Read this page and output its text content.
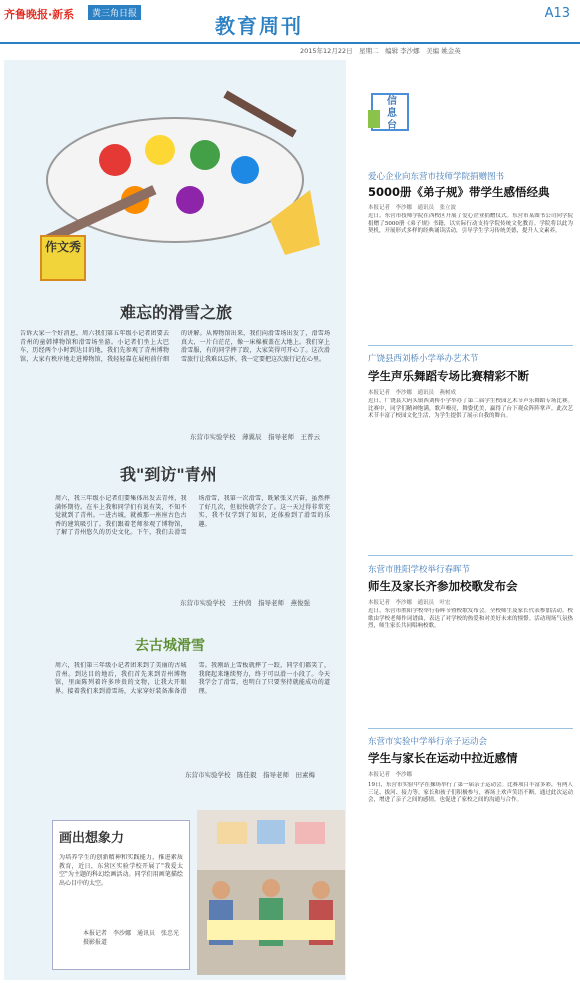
齐鲁晚报·新系	黄三角日报	教育周刊
A13
2015年12月22日　星期二　编辑 李沙娜　美编 姚金英
作文秀
难忘的滑雪之旅
告诉大家一个好消息，周六我们第五年级小记者团要去青州的童韩博物馆和滑雪场坐游。小记者们坐上大巴车，历经两个小时到达目的地，我们先参观了青州博物馆，大家有秩序地走进博物馆，我轻轻靠在展柜前仔细的讲解。从博物馆出来，我们向滑雪场出发了，滑雪场真大，一片白茫茫，像一床棉被盖在大地上。我们穿上滑雪服，有的同学摔了跤，大家笑得可开心了。这次滑雪旅行让我难以忘怀，我一定要把这次旅行记在心里。
东营市实验学校　薄翼辰　指导老师　王普云
我"到访"青州
周六，我三年级小记者们要集体出发去青州，我满怀期待。在车上我和同学们有说有笑，不知不觉就到了青州。一进古城，就被那一座座古色古香的建筑吸引了。我们跟着老师参观了博物馆，了解了青州悠久的历史文化。下午，我们去滑雪场滑雪，我第一次滑雪，既紧张又兴奋，虽然摔了好几次，但很快就学会了。这一天过得非常充实，我不仅学到了知识，还体验到了滑雪的乐趣。
东营市实验学校　王仲茵　指导老师　燕俊强
去古城滑雪
周六，我们第三年级小记者团来到了美丽的古城青州。到达目的地后，我们首先来到青州博物馆，里面陈列着许多珍贵的文物，让我大开眼界。接着我们来到滑雪场，大家穿好装备准备滑雪。我刚站上雪板就摔了一跤，同学们都笑了，我爬起来继续努力，终于可以滑一小段了。今天我学会了滑雪，也明白了只要坚持就能成功的道理。
东营市实验学校　陈佳毅　指导老师　田素梅
画出想象力
为培养学生的创新精神和实践能力，推进素质教育，近日，东营区实验学校开展了"我爱太空"为主题的科幻绘画活动。同学们用画笔描绘出心目中的太空。
本报记者　李沙娜　通讯员　张忠光　摄影报道
信息台
爱心企业向东营市技师学院捐赠图书
5000册《弟子规》带学生感悟经典
本报记者　李沙娜　通讯员　张立波
近日，东营市技师学院在西校区开展了爱心企业捐赠仪式。东营市某图书公司向学院捐赠了5000册《弟子规》书籍，以实际行动支持学院传统文化教育。学院将以此为契机，开展形式多样的经典诵读活动，引导学生学习传统美德，提升人文素养。
广饶县西刘桥小学举办艺术节
学生声乐舞蹈专场比赛精彩不断
本报记者　李沙娜　通讯员　燕树成
近日，广饶县大码头镇西刘桥小学举办了第二届学生校园艺术节声乐舞蹈专场比赛。比赛中，同学们精神饱满，歌声嘹亮，舞姿优美，赢得了台下观众阵阵掌声。此次艺术节丰富了校园文化生活，为学生提供了展示自我的舞台。
东营市胜阳学校举行春晖节
师生及家长齐参加校歌发布会
本报记者　李沙娜　通讯员　叶宏
近日，东营市胜阳学校举行春晖节暨校歌发布会。全校师生及家长代表参加活动。校歌由学校老师作词谱曲，表达了对学校的热爱和对美好未来的憧憬。活动现场气氛热烈，师生家长共同唱响校歌。
东营市实验中学举行亲子运动会
学生与家长在运动中拉近感情
本报记者　李沙娜
19日，东营市实验中学在操场举行了第一届亲子运动会。比赛项目丰富多彩，有两人三足、拔河、接力等。家长和孩子们积极参与，赛场上欢声笑语不断。通过此次运动会，增进了亲子之间的感情，也促进了家校之间的沟通与合作。
